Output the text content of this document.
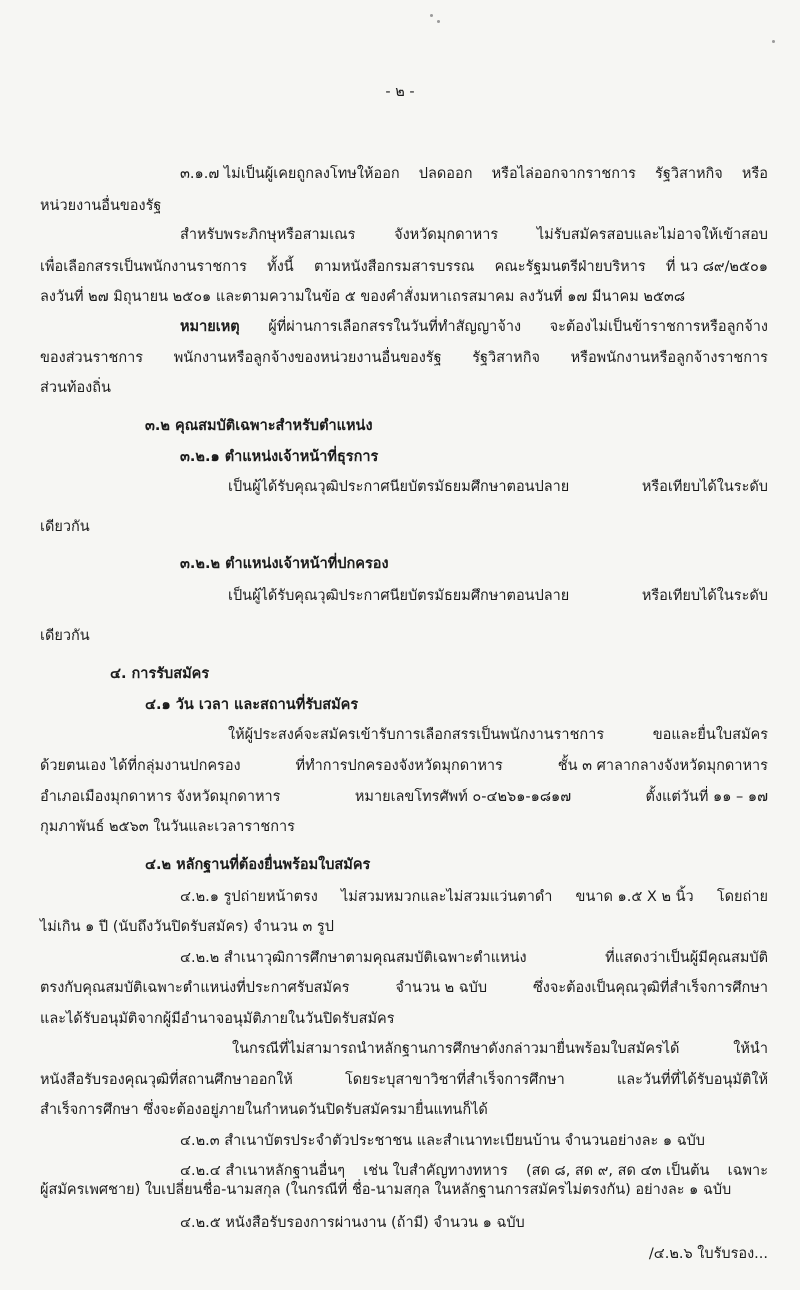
- ๒ -
๓.๑.๗ ไม่เป็นผู้เคยถูกลงโทษให้ออก ปลดออก หรือไล่ออกจากราชการ รัฐวิสาหกิจ หรือ
หน่วยงานอื่นของรัฐ
สำหรับพระภิกษุหรือสามเณร	จังหวัดมุกดาหาร	ไม่รับสมัครสอบและไม่อาจให้เข้าสอบ
เพื่อเลือกสรรเป็นพนักงานราชการ ทั้งนี้ ตามหนังสือกรมสารบรรณ คณะรัฐมนตรีฝ่ายบริหาร ที่ นว ๘๙/๒๕๐๑
ลงวันที่ ๒๗ มิถุนายน ๒๕๐๑ และตามความในข้อ ๕ ของคำสั่งมหาเถรสมาคม ลงวันที่ ๑๗ มีนาคม ๒๕๓๘
หมายเหตุ ผู้ที่ผ่านการเลือกสรรในวันที่ทำสัญญาจ้าง จะต้องไม่เป็นข้าราชการหรือลูกจ้าง
ของส่วนราชการ พนักงานหรือลูกจ้างของหน่วยงานอื่นของรัฐ รัฐวิสาหกิจ หรือพนักงานหรือลูกจ้างราชการ
ส่วนท้องถิ่น
๓.๒ คุณสมบัติเฉพาะสำหรับตำแหน่ง
๓.๒.๑ ตำแหน่งเจ้าหน้าที่ธุรการ
เป็นผู้ได้รับคุณวุฒิประกาศนียบัตรมัธยมศึกษาตอนปลาย	หรือเทียบได้ในระดับ
เดียวกัน
๓.๒.๒ ตำแหน่งเจ้าหน้าที่ปกครอง
เป็นผู้ได้รับคุณวุฒิประกาศนียบัตรมัธยมศึกษาตอนปลาย	หรือเทียบได้ในระดับ
เดียวกัน
๔. การรับสมัคร
๔.๑ วัน เวลา และสถานที่รับสมัคร
ให้ผู้ประสงค์จะสมัครเข้ารับการเลือกสรรเป็นพนักงานราชการ	ขอและยื่นใบสมัคร
ด้วยตนเอง ได้ที่กลุ่มงานปกครอง	ที่ทำการปกครองจังหวัดมุกดาหาร	ชั้น ๓ ศาลากลางจังหวัดมุกดาหาร
อำเภอเมืองมุกดาหาร จังหวัดมุกดาหาร	หมายเลขโทรศัพท์ ๐-๔๒๖๑-๑๘๑๗	ตั้งแต่วันที่ ๑๑ – ๑๗
กุมภาพันธ์ ๒๕๖๓ ในวันและเวลาราชการ
๔.๒ หลักฐานที่ต้องยื่นพร้อมใบสมัคร
๔.๒.๑ รูปถ่ายหน้าตรง ไม่สวมหมวกและไม่สวมแว่นตาดำ ขนาด ๑.๕ X ๒ นิ้ว โดยถ่าย
ไม่เกิน ๑ ปี (นับถึงวันปิดรับสมัคร) จำนวน ๓ รูป
๔.๒.๒ สำเนาวุฒิการศึกษาตามคุณสมบัติเฉพาะตำแหน่ง	ที่แสดงว่าเป็นผู้มีคุณสมบัติ
ตรงกับคุณสมบัติเฉพาะตำแหน่งที่ประกาศรับสมัคร	จำนวน ๒ ฉบับ	ซึ่งจะต้องเป็นคุณวุฒิที่สำเร็จการศึกษา
และได้รับอนุมัติจากผู้มีอำนาจอนุมัติภายในวันปิดรับสมัคร
ในกรณีที่ไม่สามารถนำหลักฐานการศึกษาดังกล่าวมายื่นพร้อมใบสมัครได้	ให้นำ
หนังสือรับรองคุณวุฒิที่สถานศึกษาออกให้	โดยระบุสาขาวิชาที่สำเร็จการศึกษา	และวันที่ที่ได้รับอนุมัติให้
สำเร็จการศึกษา ซึ่งจะต้องอยู่ภายในกำหนดวันปิดรับสมัครมายื่นแทนก็ได้
๔.๒.๓ สำเนาบัตรประจำตัวประชาชน และสำเนาทะเบียนบ้าน จำนวนอย่างละ ๑ ฉบับ
๔.๒.๔ สำเนาหลักฐานอื่นๆ เช่น ใบสำคัญทางทหาร (สด ๘, สด ๙, สด ๔๓ เป็นต้น เฉพาะ
ผู้สมัครเพศชาย) ใบเปลี่ยนชื่อ-นามสกุล (ในกรณีที่ ชื่อ-นามสกุล ในหลักฐานการสมัครไม่ตรงกัน) อย่างละ ๑ ฉบับ
๔.๒.๕ หนังสือรับรองการผ่านงาน (ถ้ามี) จำนวน ๑ ฉบับ
/๔.๒.๖ ใบรับรอง...
